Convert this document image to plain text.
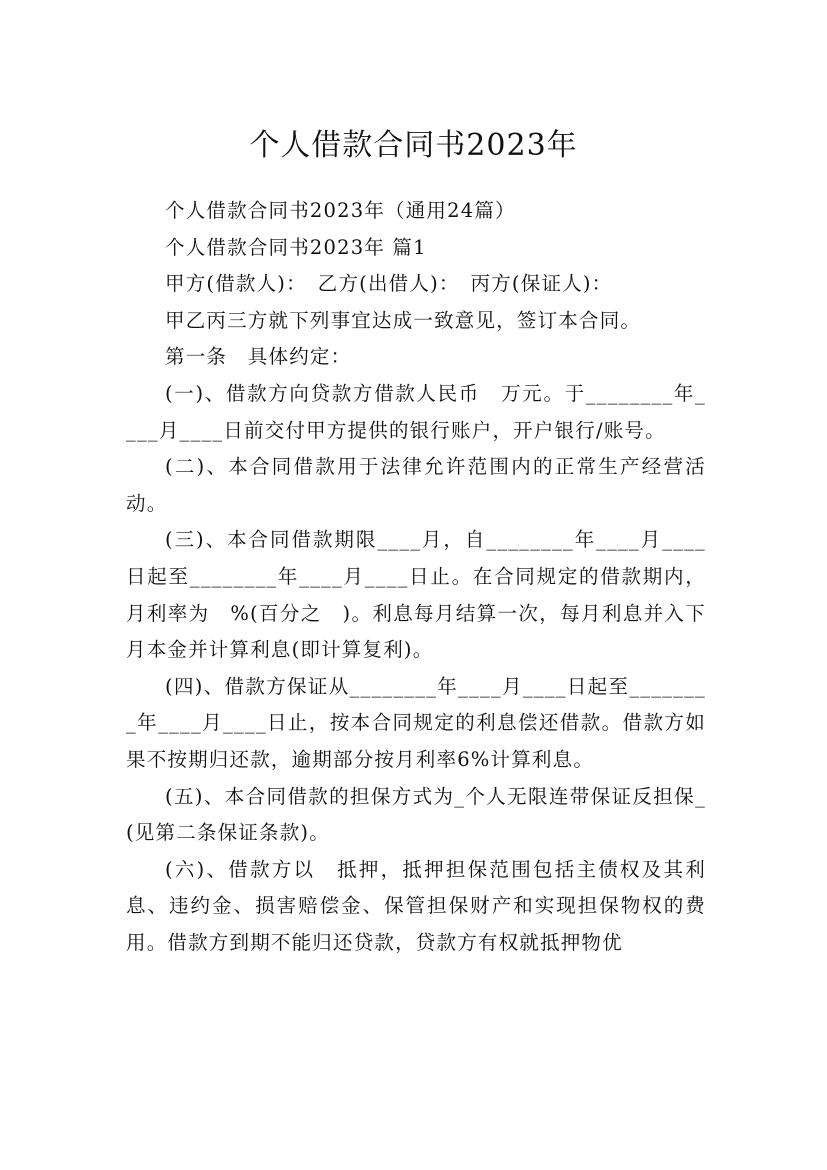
个人借款合同书2023年

个人借款合同书2023年（通用24篇）

个人借款合同书2023年 篇1

甲方(借款人)：　乙方(出借人)：　丙方(保证人)：

甲乙丙三方就下列事宜达成一致意见，签订本合同。

第一条　具体约定：

(一)、借款方向贷款方借款人民币　万元。于________年____月____日前交付甲方提供的银行账户，开户银行/账号。

(二)、本合同借款用于法律允许范围内的正常生产经营活动。

(三)、本合同借款期限____月，自________年____月____日起至________年____月____日止。在合同规定的借款期内，月利率为　%(百分之　)。利息每月结算一次，每月利息并入下月本金并计算利息(即计算复利)。

(四)、借款方保证从________年____月____日起至________年____月____日止，按本合同规定的利息偿还借款。借款方如果不按期归还款，逾期部分按月利率6%计算利息。

(五)、本合同借款的担保方式为_个人无限连带保证反担保_(见第二条保证条款)。

(六)、借款方以　抵押，抵押担保范围包括主债权及其利息、违约金、损害赔偿金、保管担保财产和实现担保物权的费用。借款方到期不能归还贷款，贷款方有权就抵押物优
